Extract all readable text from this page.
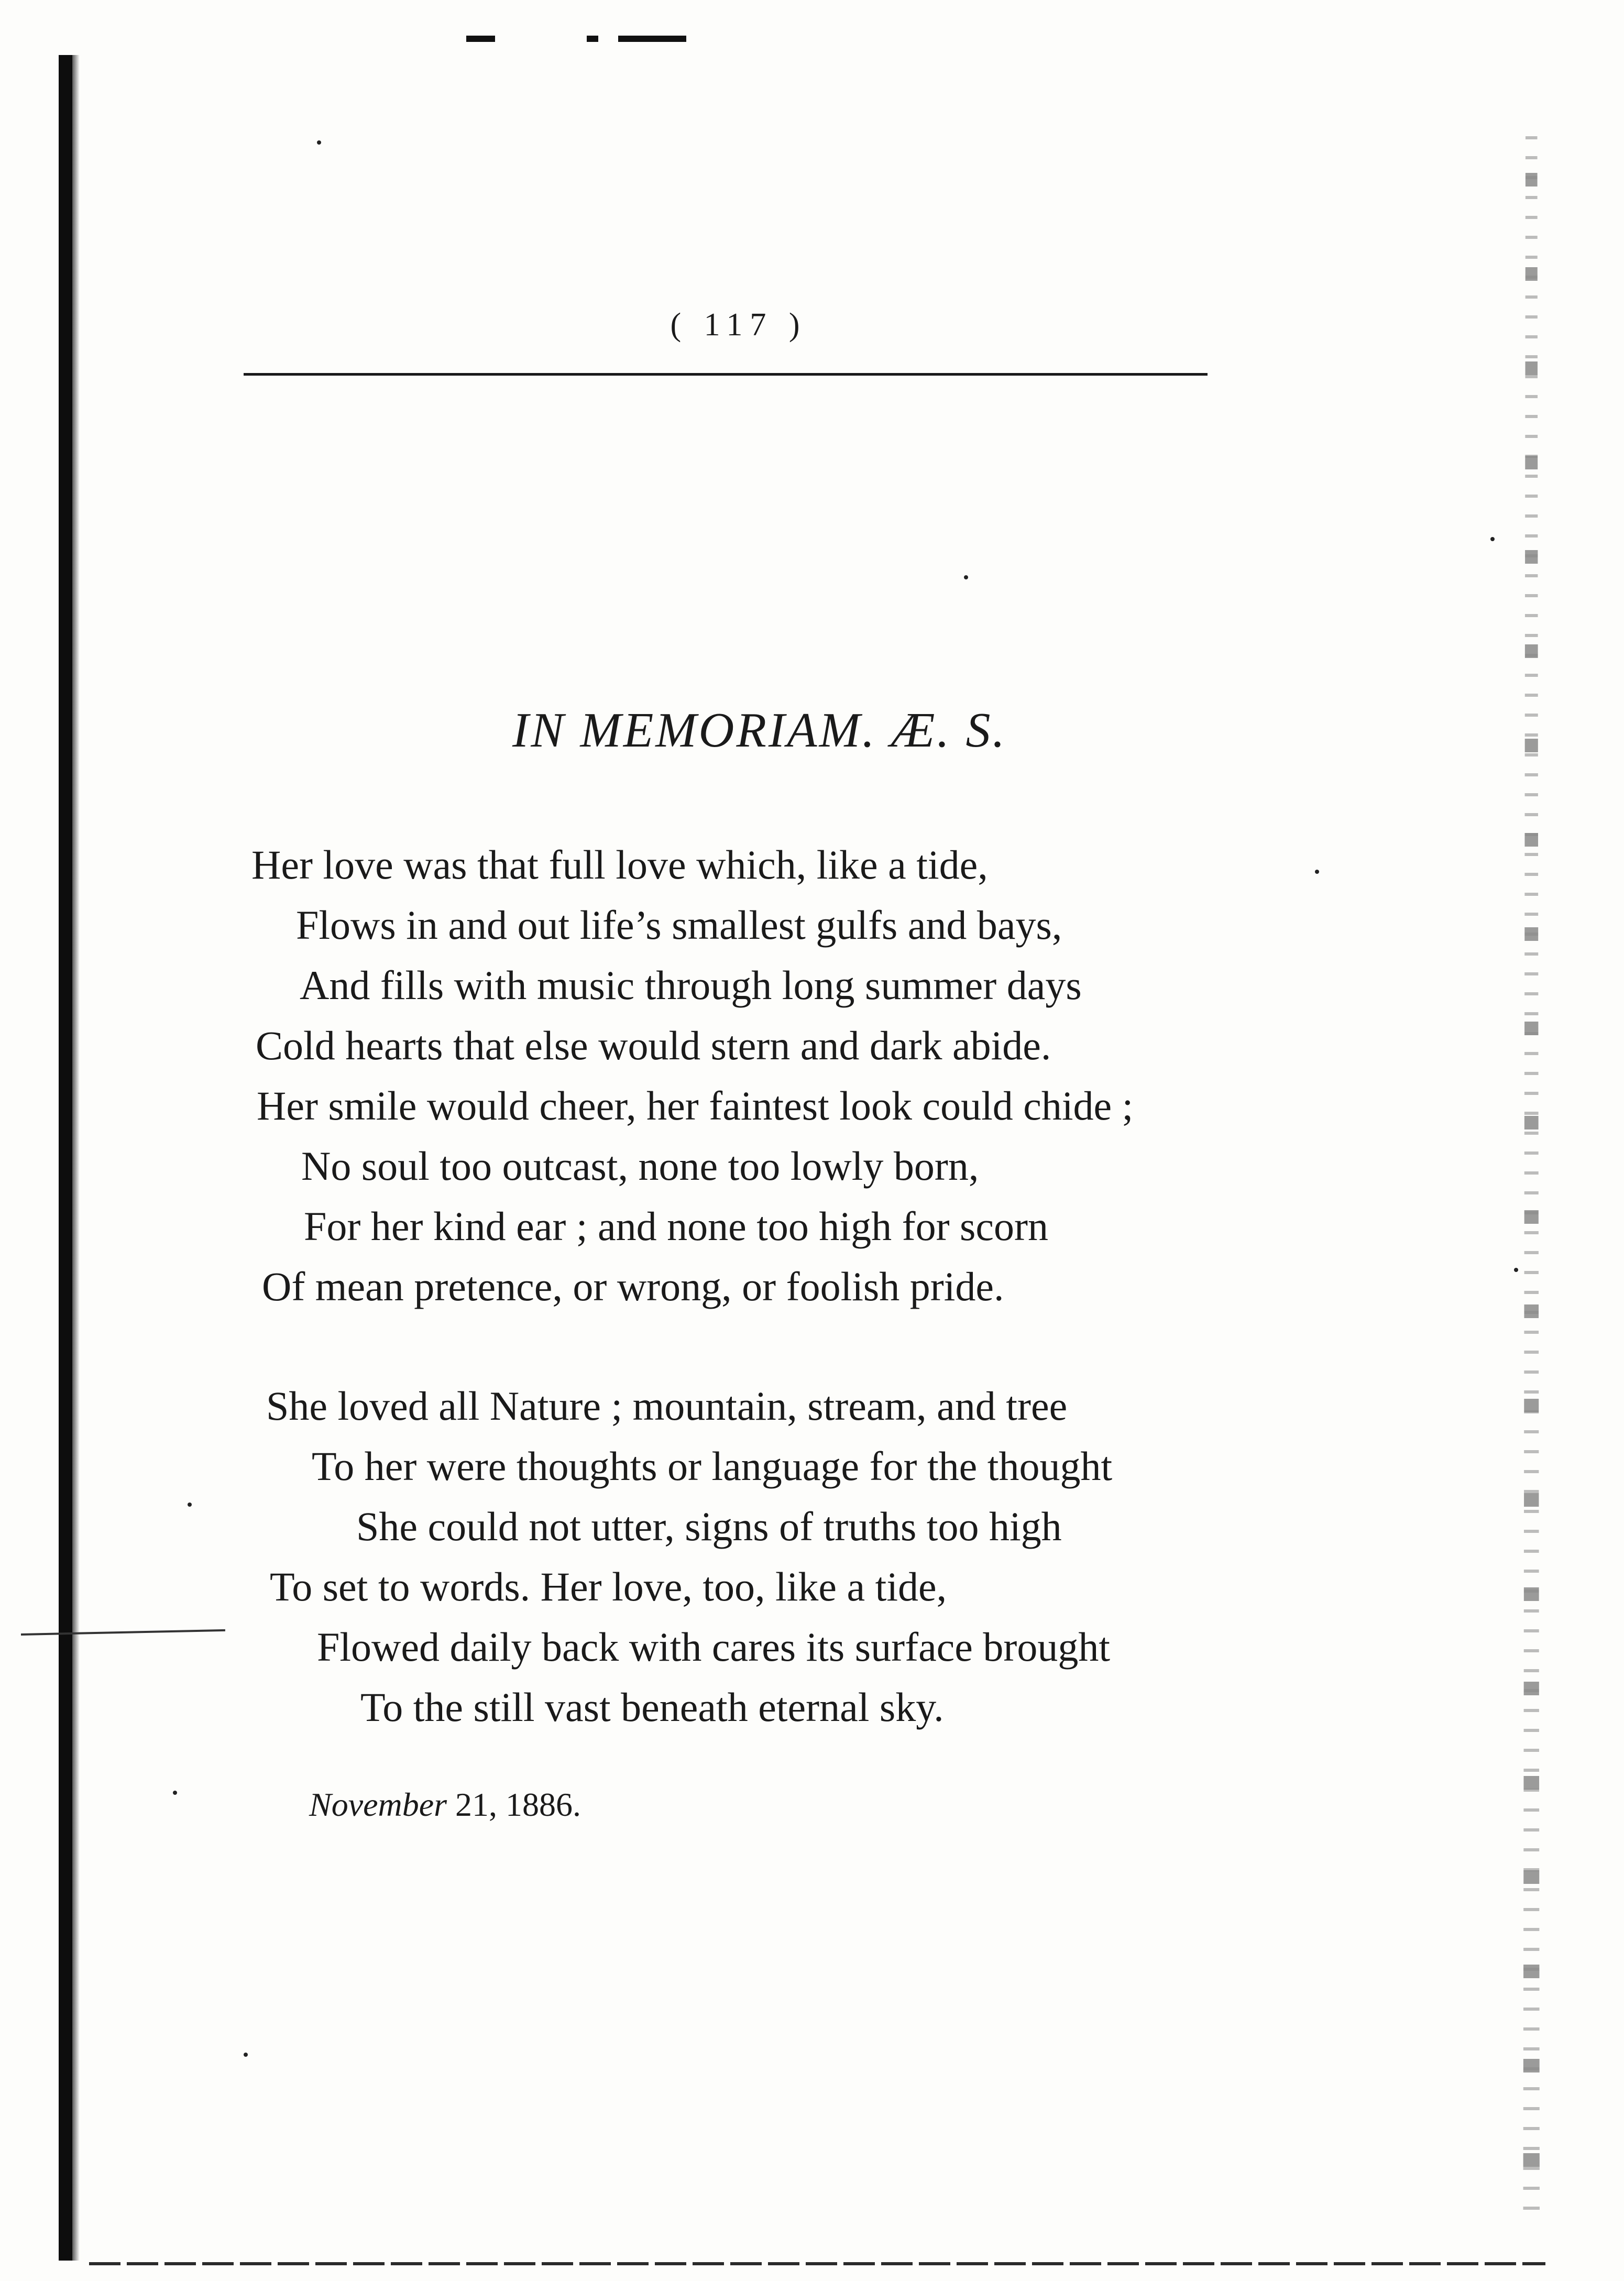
( 117 )
IN MEMORIAM. Æ. S.
Her love was that full love which, like a tide,
Flows in and out life’s smallest gulfs and bays,
And fills with music through long summer days
Cold hearts that else would stern and dark abide.
Her smile would cheer, her faintest look could chide ;
No soul too outcast, none too lowly born,
For her kind ear ; and none too high for scorn
Of mean pretence, or wrong, or foolish pride.
She loved all Nature ; mountain, stream, and tree
To her were thoughts or language for the thought
She could not utter, signs of truths too high
To set to words. Her love, too, like a tide,
Flowed daily back with cares its surface brought
To the still vast beneath eternal sky.
November 21, 1886.
